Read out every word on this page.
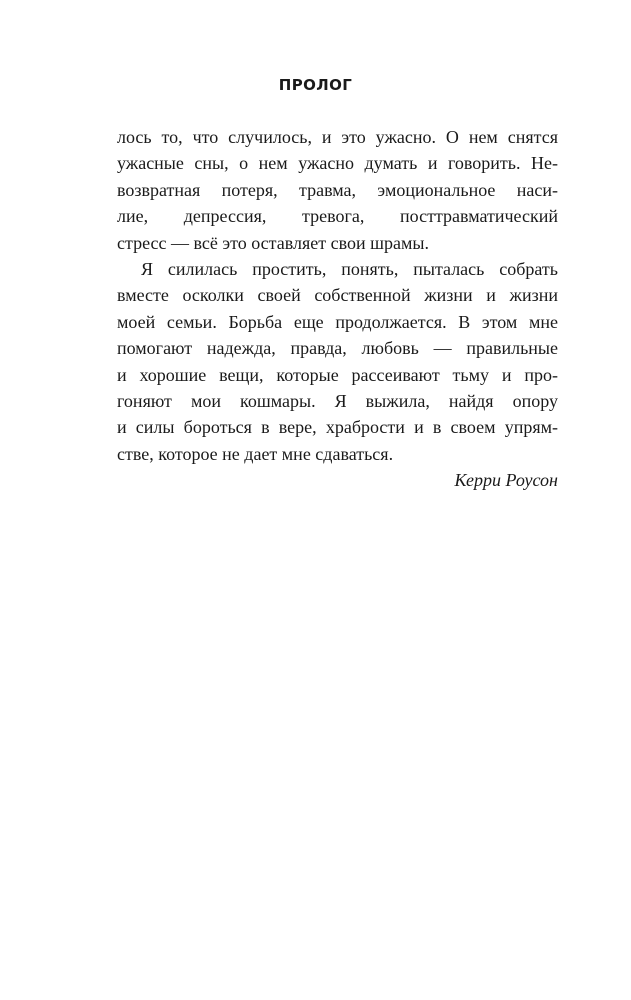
ПРОЛОГ
лось то, что случилось, и это ужасно. О нем снятся
ужасные сны, о нем ужасно думать и говорить. Не-
возвратная потеря, травма, эмоциональное наси-
лие, депрессия, тревога, посттравматический
стресс — всё это оставляет свои шрамы.
Я силилась простить, понять, пыталась собрать
вместе осколки своей собственной жизни и жизни
моей семьи. Борьба еще продолжается. В этом мне
помогают надежда, правда, любовь — правильные
и хорошие вещи, которые рассеивают тьму и про-
гоняют мои кошмары. Я выжила, найдя опору
и силы бороться в вере, храбрости и в своем упрям-
стве, которое не дает мне сдаваться.
Керри Роусон
